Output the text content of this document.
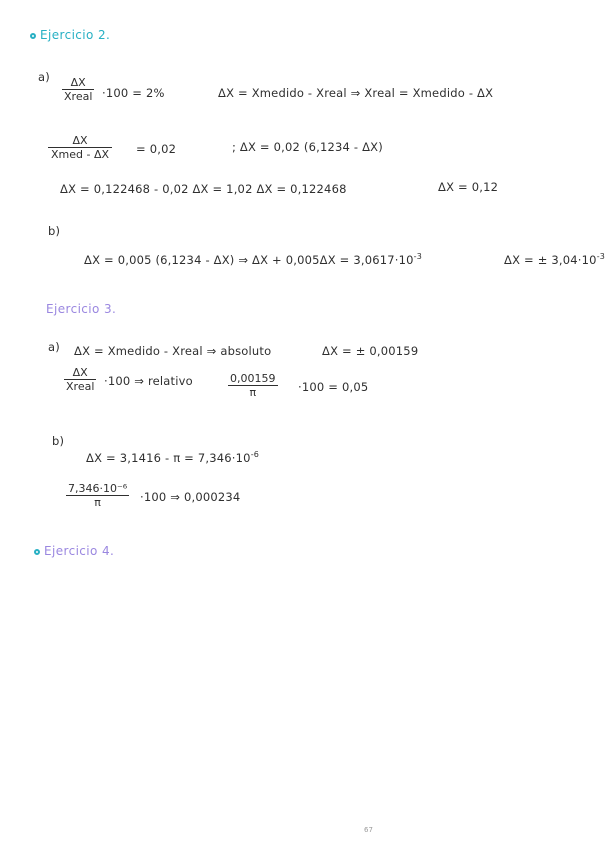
Ejercicio 2.
a) ΔX
Xreal ·100 = 2%	ΔX = Xmedido - Xreal ⇒ Xreal = Xmedido - ΔX
ΔX
Xmed - ΔX = 0,02	; ΔX = 0,02 (6,1234 - ΔX)
ΔX = 0,122468 - 0,02 ΔX = 1,02 ΔX = 0,122468	ΔX = 0,12
b)
ΔX = 0,005 (6,1234 - ΔX) ⇒ $\Delta X + 0,005\Delta X = 3,0617\cdot 10^{-3}$	ΔX = ± $3,04\cdot 10^{-3}$
Ejercicio 3.
a) ΔX = Xmedido - Xreal ⇒ absoluto	ΔX = ± 0,00159
ΔX
Xreal ·100 ⇒ relativo	0,00159
π	·100 = 0,05
b)
$\Delta X = 3,1416 - \pi = 7,346\cdot 10^{-6}$
7,346·10⁻⁶
π	·100 ⇒ 0,000234
Ejercicio 4.
67
